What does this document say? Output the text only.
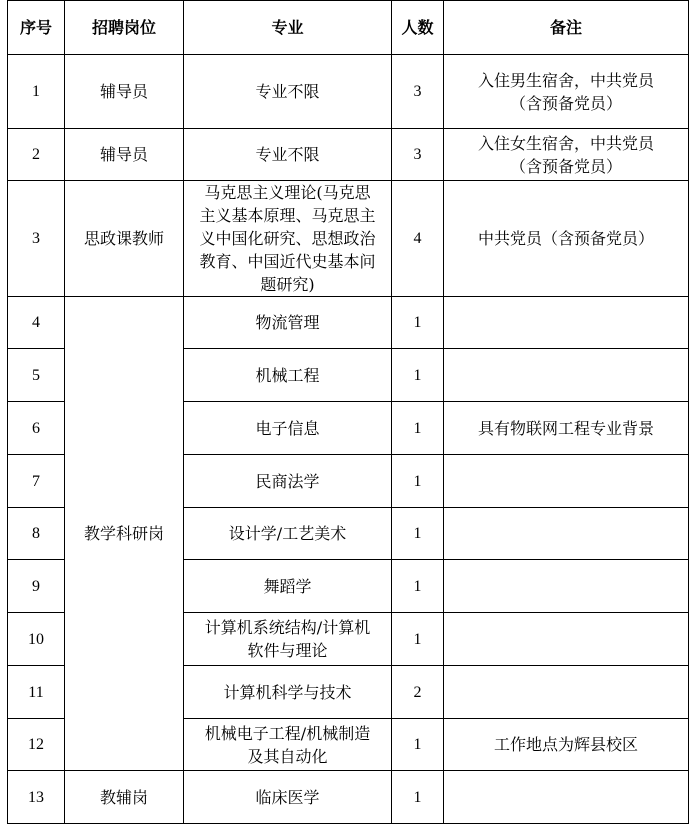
序号	招聘岗位	专业	人数	备注
1	辅导员	专业不限	3	入住男生宿舍，中共党员
（含预备党员）

2	辅导员	专业不限	3	入住女生宿舍，中共党员
（含预备党员）

3	思政课教师	马克思主义理论(马克思
主义基本原理、马克思主
义中国化研究、思想政治
教育、中国近代史基本问
题研究)	4	中共党员（含预备党员）
4	教学科研岗	物流管理	1	
5		机械工程	1	
6		电子信息	1	具有物联网工程专业背景
7		民商法学	1	
8		设计学/工艺美术	1	
9		舞蹈学	1	
10		计算机系统结构/计算机
软件与理论	1	
11		计算机科学与技术	2	
12		机械电子工程/机械制造
及其自动化	1	工作地点为辉县校区
13	教辅岗	临床医学	1	
